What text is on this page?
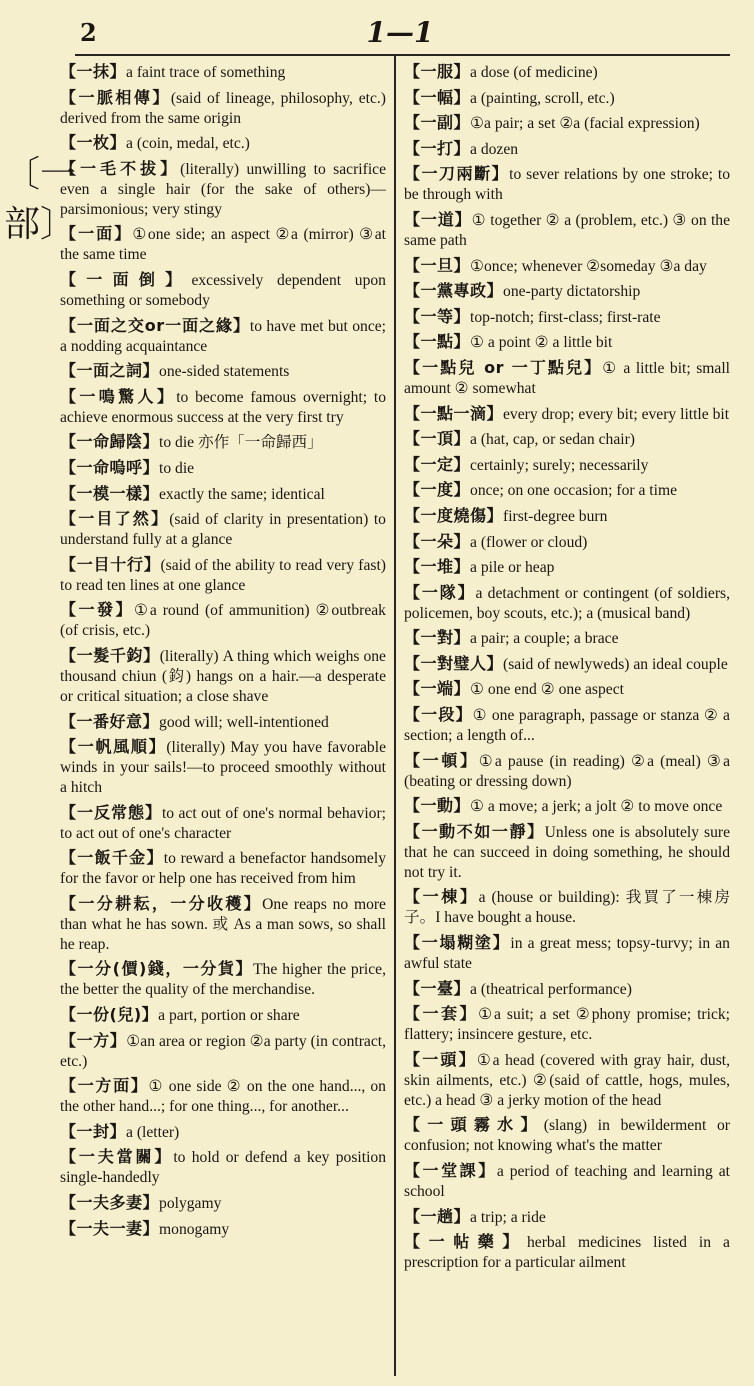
2	1—1
〔一
部〕
【一抹】a faint trace of something
【一脈相傳】(said of lineage, philosophy, etc.) derived from the same origin
【一枚】a (coin, medal, etc.)
【一毛不拔】(literally) unwilling to sacrifice even a single hair (for the sake of others)—parsimonious; very stingy
【一面】①one side; an aspect ②a (mirror) ③at the same time
【一面倒】excessively dependent upon something or somebody
【一面之交or一面之緣】to have met but once; a nodding acquaintance
【一面之詞】one-sided statements
【一鳴驚人】to become famous overnight; to achieve enormous success at the very first try
【一命歸陰】to die 亦作「一命歸西」
【一命嗚呼】to die
【一模一樣】exactly the same; identical
【一目了然】(said of clarity in presentation) to understand fully at a glance
【一目十行】(said of the ability to read very fast) to read ten lines at one glance
【一發】①a round (of ammunition) ②outbreak (of crisis, etc.)
【一髮千鈞】(literally) A thing which weighs one thousand chiun (鈞) hangs on a hair.—a desperate or critical situation; a close shave
【一番好意】good will; well-intentioned
【一帆風順】(literally) May you have favorable winds in your sails!—to proceed smoothly without a hitch
【一反常態】to act out of one's normal behavior; to act out of one's character
【一飯千金】to reward a benefactor handsomely for the favor or help one has received from him
【一分耕耘，一分收穫】One reaps no more than what he has sown. 或 As a man sows, so shall he reap.
【一分(價)錢，一分貨】The higher the price, the better the quality of the merchandise.
【一份(兒)】a part, portion or share
【一方】①an area or region ②a party (in contract, etc.)
【一方面】① one side ② on the one hand..., on the other hand...; for one thing..., for another...
【一封】a (letter)
【一夫當關】to hold or defend a key position single-handedly
【一夫多妻】polygamy
【一夫一妻】monogamy
【一服】a dose (of medicine)
【一幅】a (painting, scroll, etc.)
【一副】①a pair; a set ②a (facial expression)
【一打】a dozen
【一刀兩斷】to sever relations by one stroke; to be through with
【一道】① together ② a (problem, etc.) ③ on the same path
【一旦】①once; whenever ②someday ③a day
【一黨專政】one-party dictatorship
【一等】top-notch; first-class; first-rate
【一點】① a point ② a little bit
【一點兒 or 一丁點兒】① a little bit; small amount ② somewhat
【一點一滴】every drop; every bit; every little bit
【一頂】a (hat, cap, or sedan chair)
【一定】certainly; surely; necessarily
【一度】once; on one occasion; for a time
【一度燒傷】first-degree burn
【一朵】a (flower or cloud)
【一堆】a pile or heap
【一隊】a detachment or contingent (of soldiers, policemen, boy scouts, etc.); a (musical band)
【一對】a pair; a couple; a brace
【一對璧人】(said of newlyweds) an ideal couple
【一端】① one end ② one aspect
【一段】① one paragraph, passage or stanza ② a section; a length of...
【一頓】①a pause (in reading) ②a (meal) ③a (beating or dressing down)
【一動】① a move; a jerk; a jolt ② to move once
【一動不如一靜】Unless one is absolutely sure that he can succeed in doing something, he should not try it.
【一棟】a (house or building): 我買了一棟房子。I have bought a house.
【一塌糊塗】in a great mess; topsy-turvy; in an awful state
【一臺】a (theatrical performance)
【一套】①a suit; a set ②phony promise; trick; flattery; insincere gesture, etc.
【一頭】①a head (covered with gray hair, dust, skin ailments, etc.) ②(said of cattle, hogs, mules, etc.) a head ③ a jerky motion of the head
【一頭霧水】(slang) in bewilderment or confusion; not knowing what's the matter
【一堂課】a period of teaching and learning at school
【一趟】a trip; a ride
【一帖藥】herbal medicines listed in a prescription for a particular ailment
